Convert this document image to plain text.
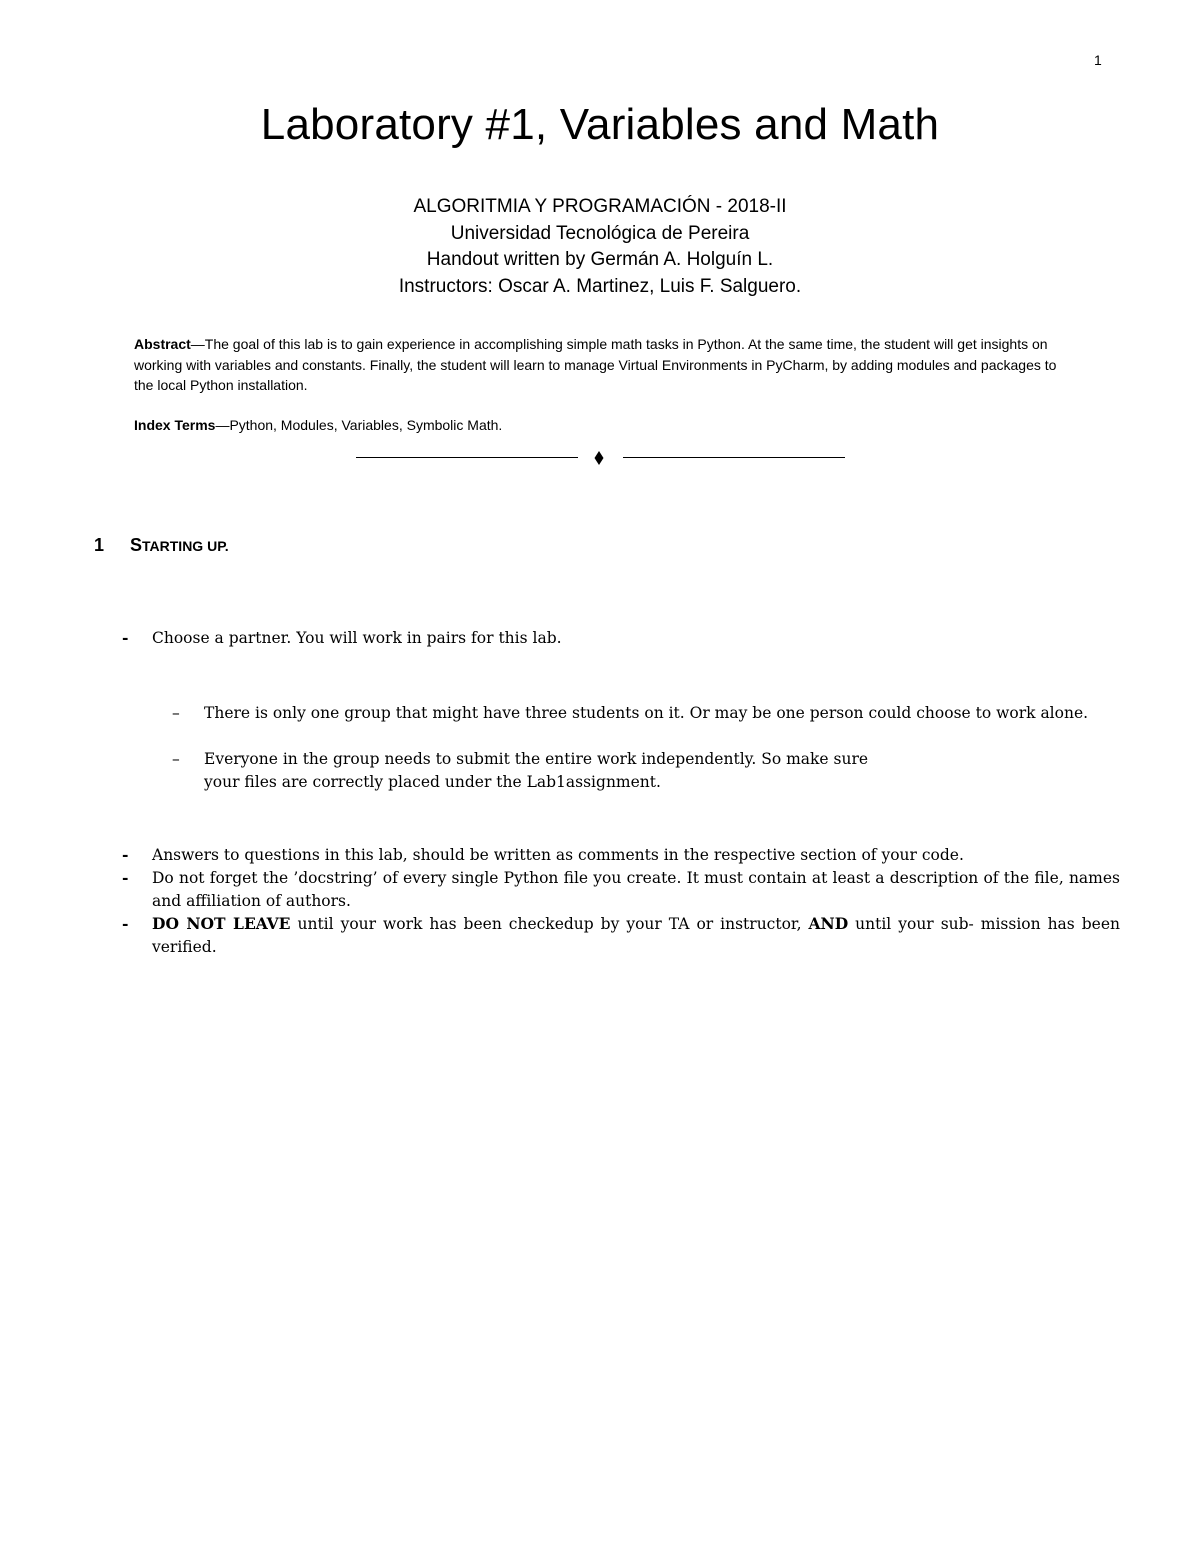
1
Laboratory #1, Variables and Math
ALGORITMIA Y PROGRAMACIÓN - 2018-II
Universidad Tecnológica de Pereira
Handout written by Germán A. Holguín L.
Instructors: Oscar A. Martinez, Luis F. Salguero.
Abstract—The goal of this lab is to gain experience in accomplishing simple math tasks in Python. At the same time, the student will get insights on working with variables and constants. Finally, the student will learn to manage Virtual Environments in PyCharm, by adding modules and packages to the local Python installation.
Index Terms—Python, Modules, Variables, Symbolic Math.
1 STARTING UP.
- Choose a partner. You will work in pairs for this lab.
– There is only one group that might have three students on it. Or may be one person could choose to work alone.
– Everyone in the group needs to submit the entire work independently. So make sure
your files are correctly placed under the Lab1assignment.
- Answers to questions in this lab, should be written as comments in the respective section of your code.
- Do not forget the ’docstring’ of every single Python file you create. It must contain at least a description of the file, names and affiliation of authors.
- DO NOT LEAVE until your work has been checkedup by your TA or instructor, AND until your sub- mission has been verified.
